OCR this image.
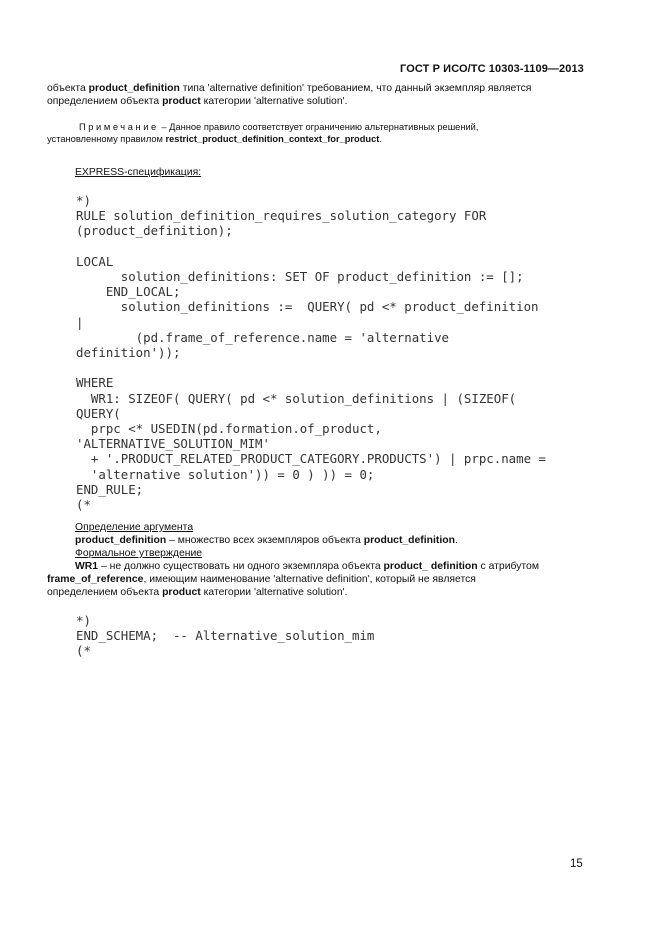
ГОСТ Р ИСО/ТС 10303-1109—2013
объекта product_definition типа 'alternative definition' требованием, что данный экземпляр является
определением объекта product категории 'alternative solution'.
Примечание – Данное правило соответствует ограничению альтернативных решений,
установленному правилом restrict_product_definition_context_for_product.
EXPRESS-спецификация:
*)
RULE solution_definition_requires_solution_category FOR
(product_definition);

LOCAL
solution_definitions: SET OF product_definition := [];
END_LOCAL;
solution_definitions :=  QUERY( pd <* product_definition
|
(pd.frame_of_reference.name = 'alternative
definition'));

WHERE
WR1: SIZEOF( QUERY( pd <* solution_definitions | (SIZEOF(
QUERY(
prpc <* USEDIN(pd.formation.of_product,
'ALTERNATIVE_SOLUTION_MIM'
+ '.PRODUCT_RELATED_PRODUCT_CATEGORY.PRODUCTS') | prpc.name =
'alternative solution')) = 0 ) )) = 0;
END_RULE;
(*
Определение аргумента
product_definition – множество всех экземпляров объекта product_definition.
Формальное утверждение
WR1 – не должно существовать ни одного экземпляра объекта product_ definition с атрибутом
frame_of_reference, имеющим наименование 'alternative definition', который не является
определением объекта product категории 'alternative solution'.
*)
END_SCHEMA;  -- Alternative_solution_mim
(*
15
